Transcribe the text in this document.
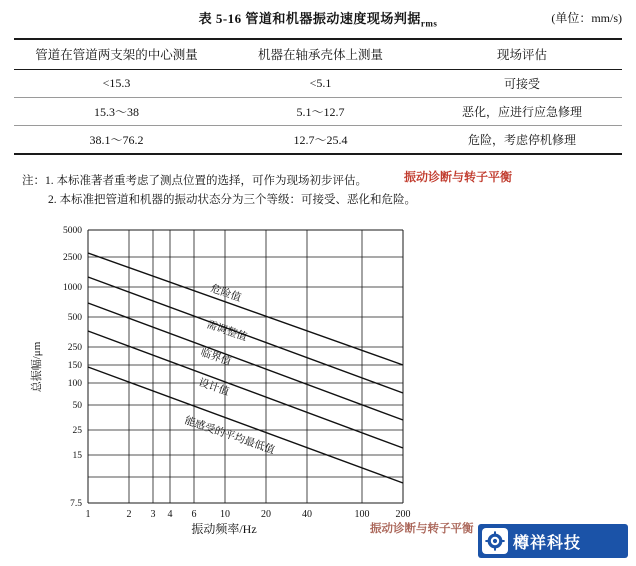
表 5-16 管道和机器振动速度现场判据$_{rms}$	(单位：mm/s)
管道在管道两支架的中心测量	机器在轴承壳体上测量	现场评估
<15.3	<5.1	可接受
15.3～38	5.1～12.7	恶化，应进行应急修理
38.1～76.2	12.7～25.4	危险，考虑停机修理
注：1. 本标准著者重考虑了测点位置的选择，可作为现场初步评估。
2. 本标准把管道和机器的振动状态分为三个等级：可接受、恶化和危险。
振动诊断与转子平衡
振动诊断与转子平衡
5000
2500
1000
500
250
150
100
50
25
15
7.5
1	2 3 4 6 10	20	40	100	200
振动频率/Hz
总振幅/μm
危险值
需调整值
临界值
设计值
能感受的平均最低值
樽祥科技
